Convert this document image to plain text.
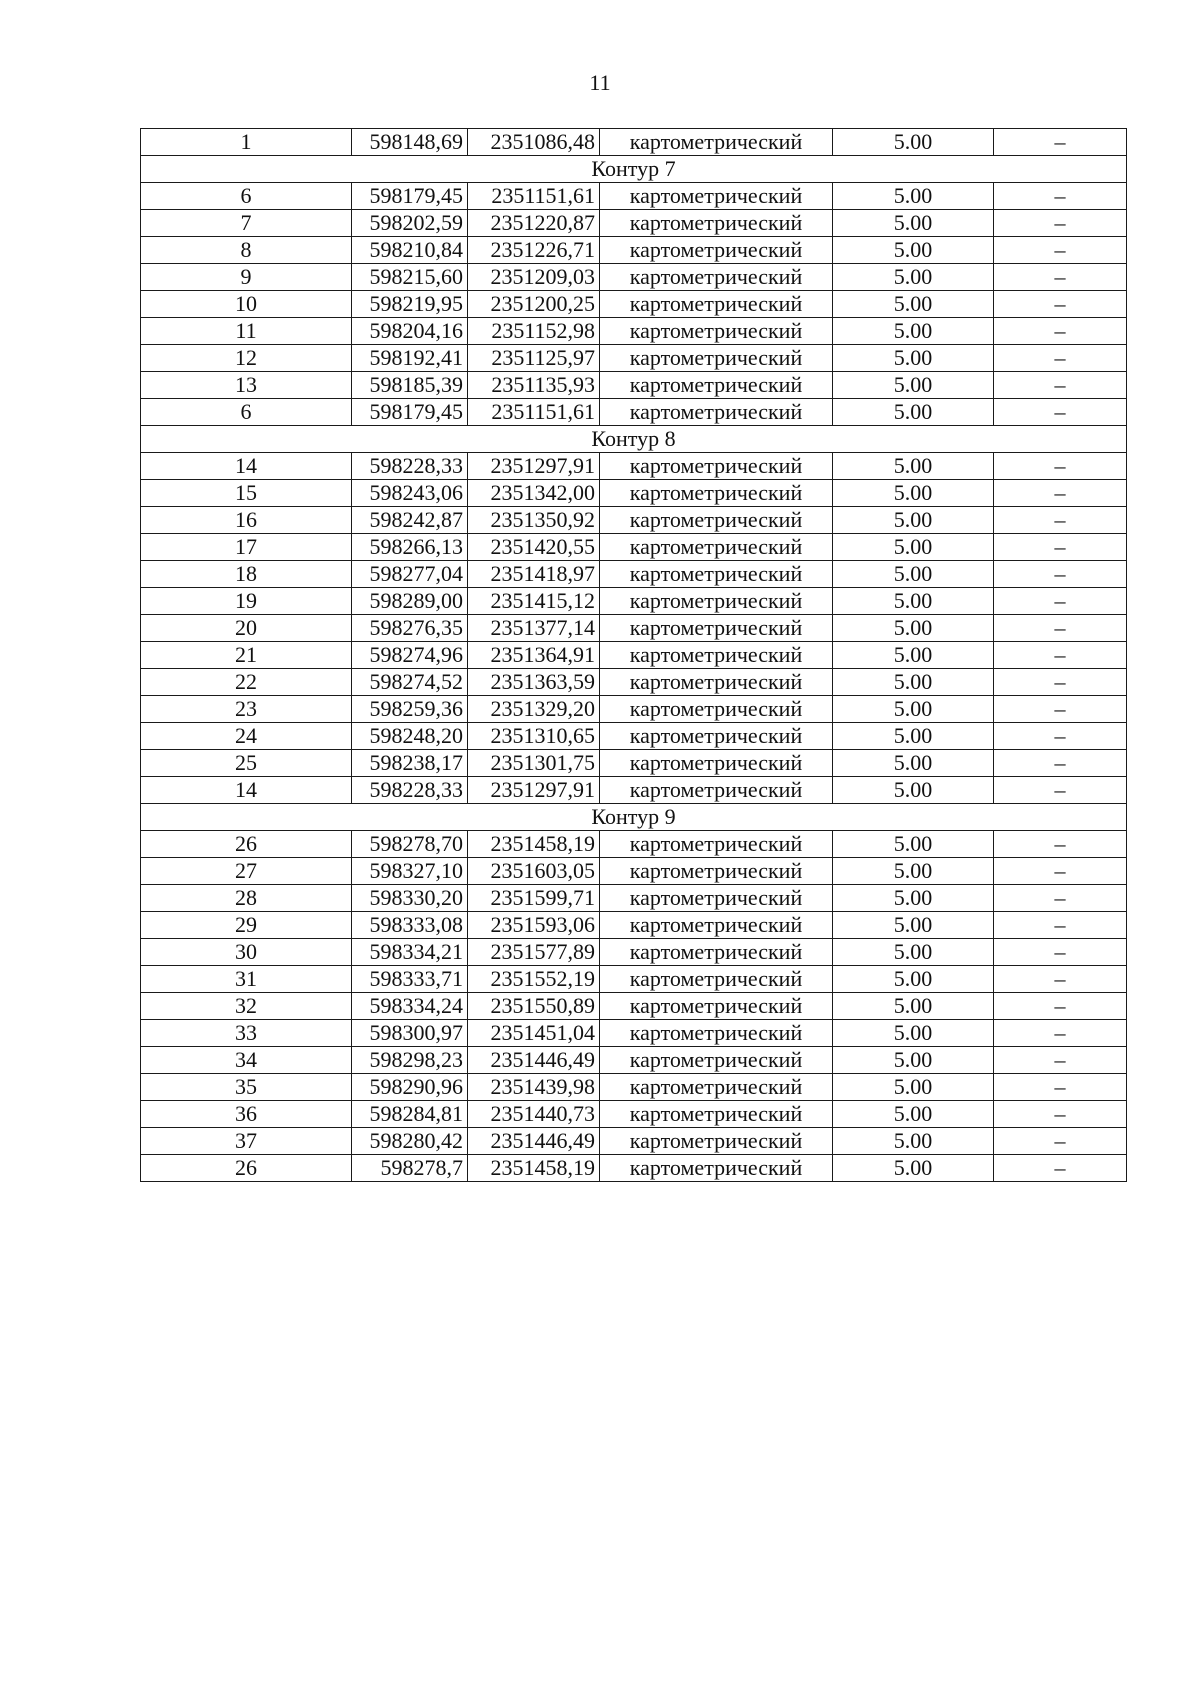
11
1	598148,69	2351086,48	картометрический	5.00	–
Контур 7					
6	598179,45	2351151,61	картометрический	5.00	–
7	598202,59	2351220,87	картометрический	5.00	–
8	598210,84	2351226,71	картометрический	5.00	–
9	598215,60	2351209,03	картометрический	5.00	–
10	598219,95	2351200,25	картометрический	5.00	–
11	598204,16	2351152,98	картометрический	5.00	–
12	598192,41	2351125,97	картометрический	5.00	–
13	598185,39	2351135,93	картометрический	5.00	–
6	598179,45	2351151,61	картометрический	5.00	–
Контур 8					
14	598228,33	2351297,91	картометрический	5.00	–
15	598243,06	2351342,00	картометрический	5.00	–
16	598242,87	2351350,92	картометрический	5.00	–
17	598266,13	2351420,55	картометрический	5.00	–
18	598277,04	2351418,97	картометрический	5.00	–
19	598289,00	2351415,12	картометрический	5.00	–
20	598276,35	2351377,14	картометрический	5.00	–
21	598274,96	2351364,91	картометрический	5.00	–
22	598274,52	2351363,59	картометрический	5.00	–
23	598259,36	2351329,20	картометрический	5.00	–
24	598248,20	2351310,65	картометрический	5.00	–
25	598238,17	2351301,75	картометрический	5.00	–
14	598228,33	2351297,91	картометрический	5.00	–
Контур 9					
26	598278,70	2351458,19	картометрический	5.00	–
27	598327,10	2351603,05	картометрический	5.00	–
28	598330,20	2351599,71	картометрический	5.00	–
29	598333,08	2351593,06	картометрический	5.00	–
30	598334,21	2351577,89	картометрический	5.00	–
31	598333,71	2351552,19	картометрический	5.00	–
32	598334,24	2351550,89	картометрический	5.00	–
33	598300,97	2351451,04	картометрический	5.00	–
34	598298,23	2351446,49	картометрический	5.00	–
35	598290,96	2351439,98	картометрический	5.00	–
36	598284,81	2351440,73	картометрический	5.00	–
37	598280,42	2351446,49	картометрический	5.00	–
26	598278,7	2351458,19	картометрический	5.00	–
